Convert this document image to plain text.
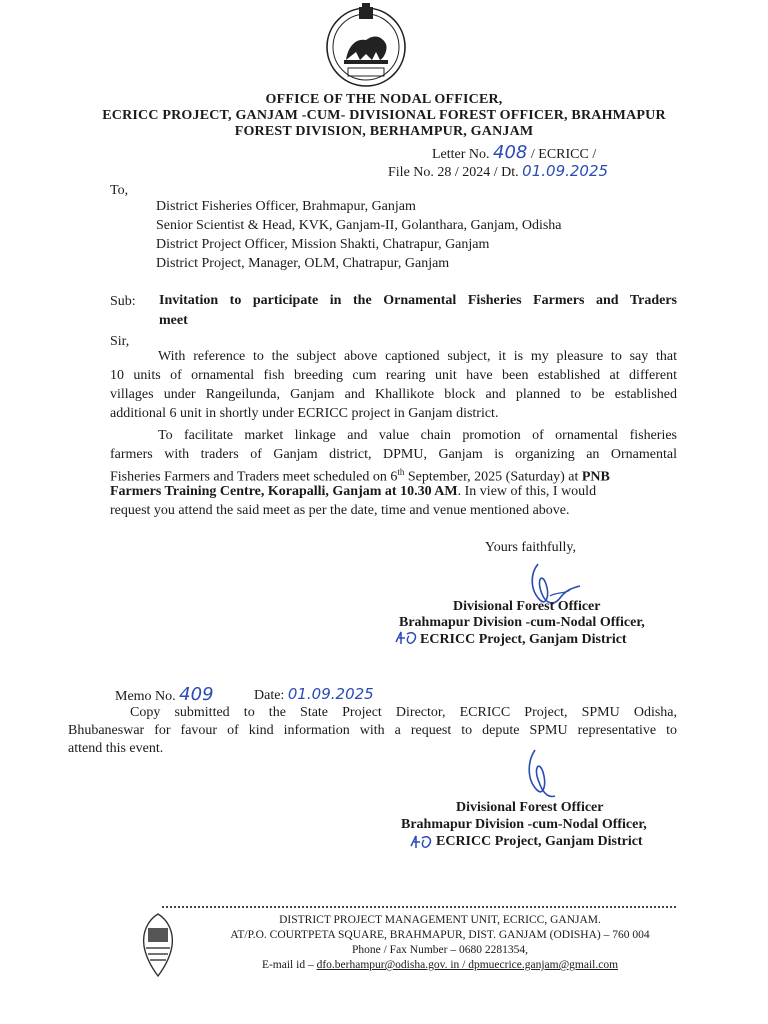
OFFICE OF THE NODAL OFFICER,
ECRICC PROJECT, GANJAM -CUM- DIVISIONAL FOREST OFFICER, BRAHMAPUR
FOREST DIVISION, BERHAMPUR, GANJAM
Letter No. 408 / ECRICC /
File No. 28 / 2024 / Dt. 01.09.2025
To,
District Fisheries Officer, Brahmapur, Ganjam
Senior Scientist & Head, KVK, Ganjam-II, Golanthara, Ganjam, Odisha
District Project Officer, Mission Shakti, Chatrapur, Ganjam
District Project, Manager, OLM, Chatrapur, Ganjam
Sub: Invitation to participate in the Ornamental Fisheries Farmers and Traders
meet
Sir,
With reference to the subject above captioned subject, it is my pleasure to say that
10 units of ornamental fish breeding cum rearing unit have been established at different
villages under Rangeilunda, Ganjam and Khallikote block and planned to be established
additional 6 unit in shortly under ECRICC project in Ganjam district.
To facilitate market linkage and value chain promotion of ornamental fisheries
farmers with traders of Ganjam district, DPMU, Ganjam is organizing an Ornamental
Fisheries Farmers and Traders meet scheduled on 6th September, 2025 (Saturday) at PNB
Farmers Training Centre, Korapalli, Ganjam at 10.30 AM. In view of this, I would
request you attend the said meet as per the date, time and venue mentioned above.
Yours faithfully,
Divisional Forest Officer
Brahmapur Division -cum-Nodal Officer,
ECRICC Project, Ganjam District
Memo No. 409	Date: 01.09.2025
Copy submitted to the State Project Director, ECRICC Project, SPMU Odisha,
Bhubaneswar for favour of kind information with a request to depute SPMU representative to
attend this event.
Divisional Forest Officer
Brahmapur Division -cum-Nodal Officer,
ECRICC Project, Ganjam District
DISTRICT PROJECT MANAGEMENT UNIT, ECRICC, GANJAM.
AT/P.O. COURTPETA SQUARE, BRAHMAPUR, DIST. GANJAM (ODISHA) – 760 004
Phone / Fax Number – 0680 2281354,
E-mail id – dfo.berhampur@odisha.gov. in / dpmuecrice.ganjam@gmail.com
